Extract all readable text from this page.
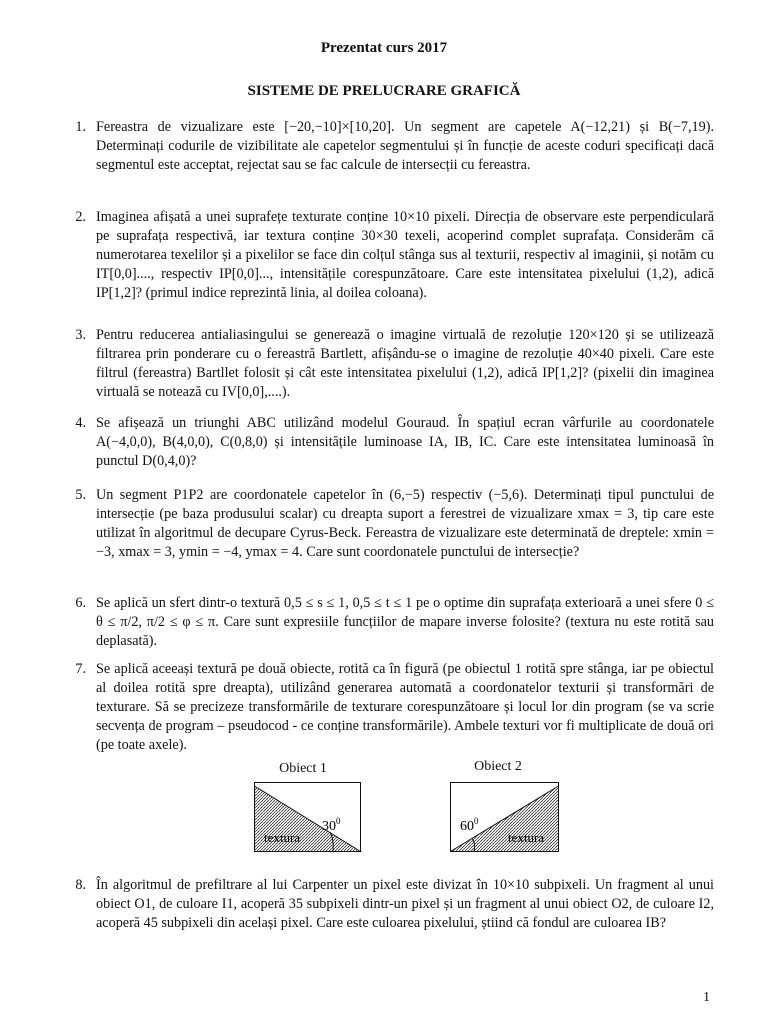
Prezentat curs 2017
SISTEME DE PRELUCRARE GRAFICĂ
1. Fereastra de vizualizare este [−20,−10]×[10,20]. Un segment are capetele A(−12,21) și B(−7,19). Determinați codurile de vizibilitate ale capetelor segmentului și în funcție de aceste coduri specificați dacă segmentul este acceptat, rejectat sau se fac calcule de intersecții cu fereastra.

2. Imaginea afișată a unei suprafețe texturate conține 10×10 pixeli. Direcția de observare este perpendiculară pe suprafața respectivă, iar textura conține 30×30 texeli, acoperind complet suprafața. Considerăm că numerotarea texelilor și a pixelilor se face din colțul stânga sus al texturii, respectiv al imaginii, și notăm cu IT[0,0]...., respectiv IP[0,0]..., intensitățile corespunzătoare. Care este intensitatea pixelului (1,2), adică IP[1,2]? (primul indice reprezintă linia, al doilea coloana).

3. Pentru reducerea antialiasingului se generează o imagine virtuală de rezoluție 120×120 și se utilizează filtrarea prin ponderare cu o fereastră Bartlett, afișându-se o imagine de rezoluție 40×40 pixeli. Care este filtrul (fereastra) Bartllet folosit și cât este intensitatea pixelului (1,2), adică IP[1,2]? (pixelii din imaginea virtuală se notează cu IV[0,0],....).

4. Se afișează un triunghi ABC utilizând modelul Gouraud. În spațiul ecran vârfurile au coordonatele A(−4,0,0), B(4,0,0), C(0,8,0) și intensitățile luminoase IA, IB, IC. Care este intensitatea luminoasă în punctul D(0,4,0)?

5. Un segment P1P2 are coordonatele capetelor în (6,−5) respectiv (−5,6). Determinați tipul punctului de intersecție (pe baza produsului scalar) cu dreapta suport a ferestrei de vizualizare xmax = 3, tip care este utilizat în algoritmul de decupare Cyrus-Beck. Fereastra de vizualizare este determinată de dreptele: xmin = −3, xmax = 3, ymin = −4, ymax = 4. Care sunt coordonatele punctului de intersecție?

6. Se aplică un sfert dintr-o textură 0,5 ≤ s ≤ 1, 0,5 ≤ t ≤ 1 pe o optime din suprafața exterioară a unei sfere 0 ≤ θ ≤ π/2, π/2 ≤ φ ≤ π. Care sunt expresiile funcțiilor de mapare inverse folosite? (textura nu este rotită sau deplasată).

7. Se aplică aceeași textură pe două obiecte, rotită ca în figură (pe obiectul 1 rotită spre stânga, iar pe obiectul al doilea rotită spre dreapta), utilizând generarea automată a coordonatelor texturii și transformări de texturare. Să se precizeze transformările de texturare corespunzătoare și locul lor din program (se va scrie secvența de program – pseudocod - ce conține transformările). Ambele texturi vor fi multiplicate de două ori (pe toate axele).

Obiect 1	Obiect 2
textura
$30^0$
textura
$60^0$
8. În algoritmul de prefiltrare al lui Carpenter un pixel este divizat în 10×10 subpixeli. Un fragment al unui obiect O1, de culoare I1, acoperă 35 subpixeli dintr-un pixel și un fragment al unui obiect O2, de culoare I2, acoperă 45 subpixeli din același pixel. Care este culoarea pixelului, știind că fondul are culoarea IB?

1
